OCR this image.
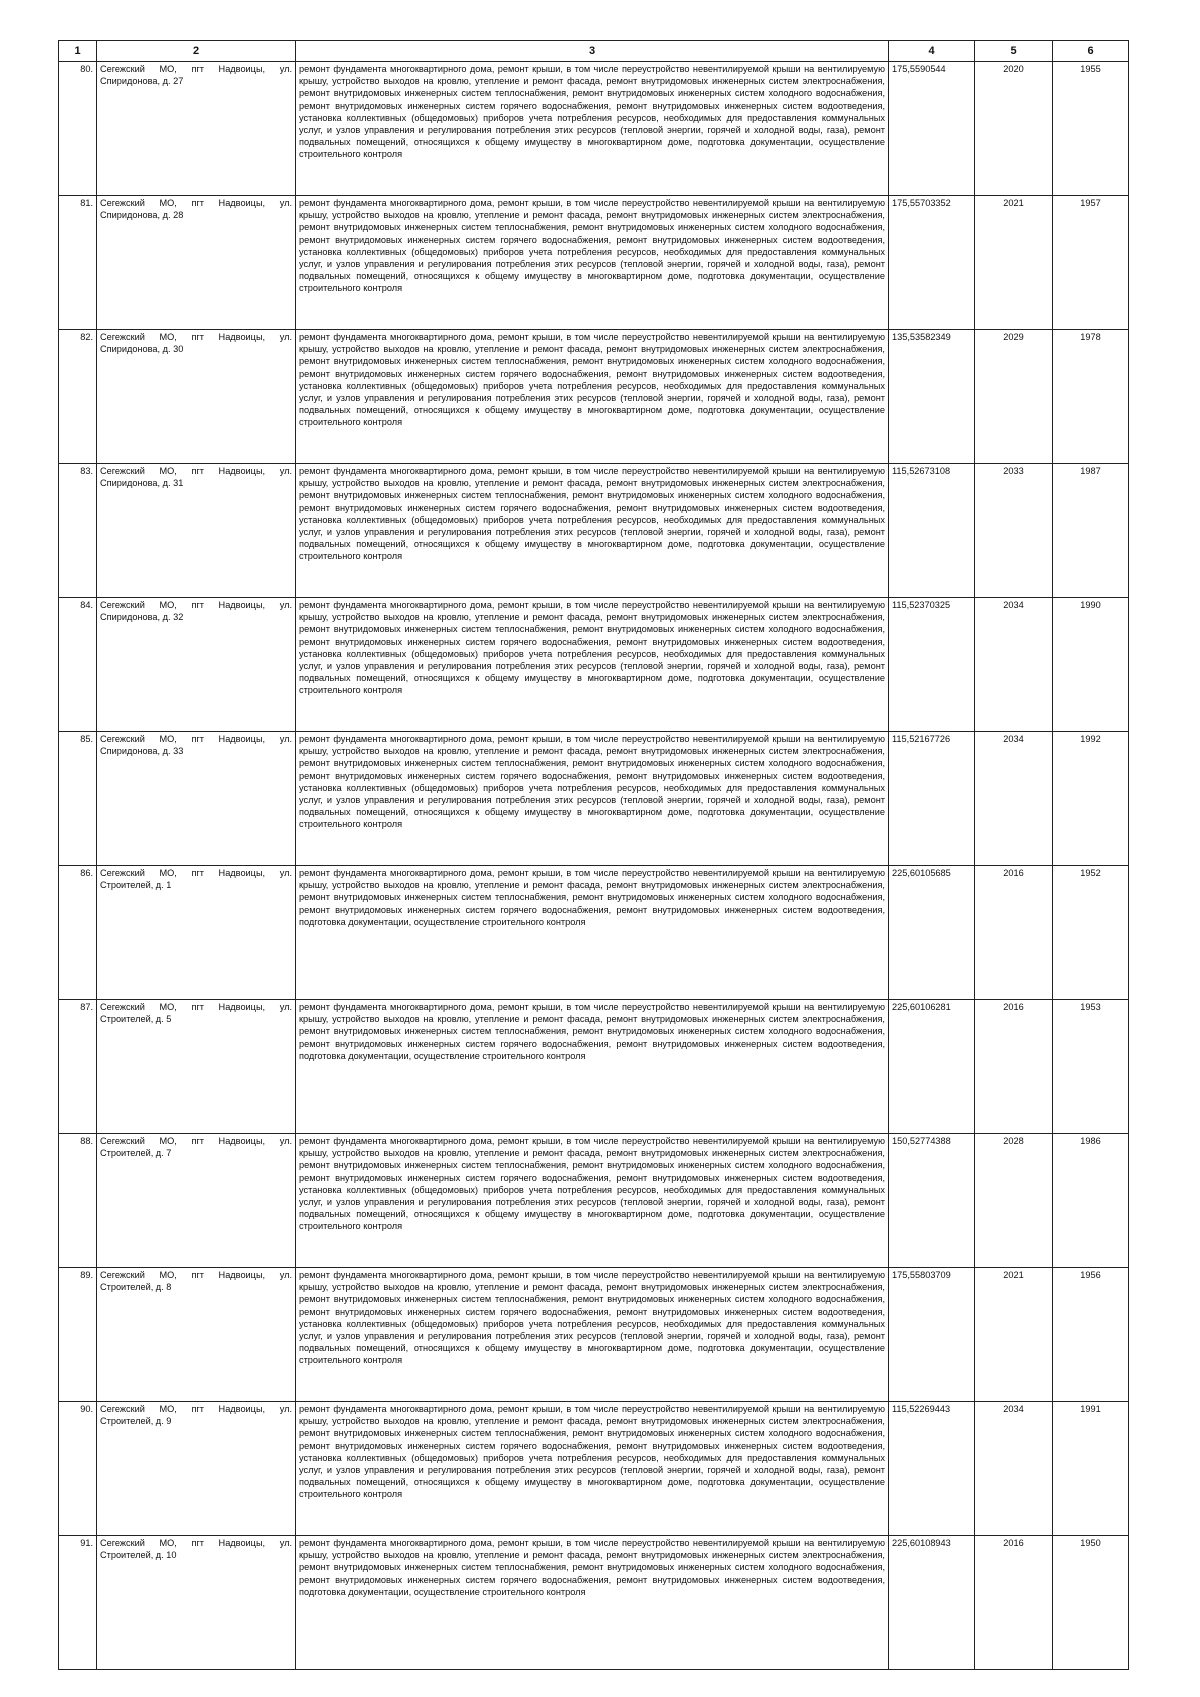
1	2	3	4	5	6
80.	Сегежский МО, пгт Надвоицы, ул. Спиридонова, д. 27	ремонт фундамента многоквартирного дома, ремонт крыши, в том числе переустройство невентилируемой крыши на вентилируемую крышу, устройство выходов на кровлю, утепление и ремонт фасада, ремонт внутридомовых инженерных систем электроснабжения, ремонт внутридомовых инженерных систем теплоснабжения, ремонт внутридомовых инженерных систем холодного водоснабжения, ремонт внутридомовых инженерных систем горячего водоснабжения, ремонт внутридомовых инженерных систем водоотведения, установка коллективных (общедомовых) приборов учета потребления ресурсов, необходимых для предоставления коммунальных услуг, и узлов управления и регулирования потребления этих ресурсов (тепловой энергии, горячей и холодной воды, газа), ремонт подвальных помещений, относящихся к общему имуществу в многоквартирном доме, подготовка документации, осуществление строительного контроля	175,5590544	2020	1955
81.	Сегежский МО, пгт Надвоицы, ул. Спиридонова, д. 28	ремонт фундамента многоквартирного дома, ремонт крыши, в том числе переустройство невентилируемой крыши на вентилируемую крышу, устройство выходов на кровлю, утепление и ремонт фасада, ремонт внутридомовых инженерных систем электроснабжения, ремонт внутридомовых инженерных систем теплоснабжения, ремонт внутридомовых инженерных систем холодного водоснабжения, ремонт внутридомовых инженерных систем горячего водоснабжения, ремонт внутридомовых инженерных систем водоотведения, установка коллективных (общедомовых) приборов учета потребления ресурсов, необходимых для предоставления коммунальных услуг, и узлов управления и регулирования потребления этих ресурсов (тепловой энергии, горячей и холодной воды, газа), ремонт подвальных помещений, относящихся к общему имуществу в многоквартирном доме, подготовка документации, осуществление строительного контроля	175,55703352	2021	1957
82.	Сегежский МО, пгт Надвоицы, ул. Спиридонова, д. 30	ремонт фундамента многоквартирного дома, ремонт крыши, в том числе переустройство невентилируемой крыши на вентилируемую крышу, устройство выходов на кровлю, утепление и ремонт фасада, ремонт внутридомовых инженерных систем электроснабжения, ремонт внутридомовых инженерных систем теплоснабжения, ремонт внутридомовых инженерных систем холодного водоснабжения, ремонт внутридомовых инженерных систем горячего водоснабжения, ремонт внутридомовых инженерных систем водоотведения, установка коллективных (общедомовых) приборов учета потребления ресурсов, необходимых для предоставления коммунальных услуг, и узлов управления и регулирования потребления этих ресурсов (тепловой энергии, горячей и холодной воды, газа), ремонт подвальных помещений, относящихся к общему имуществу в многоквартирном доме, подготовка документации, осуществление строительного контроля	135,53582349	2029	1978
83.	Сегежский МО, пгт Надвоицы, ул. Спиридонова, д. 31	ремонт фундамента многоквартирного дома, ремонт крыши, в том числе переустройство невентилируемой крыши на вентилируемую крышу, устройство выходов на кровлю, утепление и ремонт фасада, ремонт внутридомовых инженерных систем электроснабжения, ремонт внутридомовых инженерных систем теплоснабжения, ремонт внутридомовых инженерных систем холодного водоснабжения, ремонт внутридомовых инженерных систем горячего водоснабжения, ремонт внутридомовых инженерных систем водоотведения, установка коллективных (общедомовых) приборов учета потребления ресурсов, необходимых для предоставления коммунальных услуг, и узлов управления и регулирования потребления этих ресурсов (тепловой энергии, горячей и холодной воды, газа), ремонт подвальных помещений, относящихся к общему имуществу в многоквартирном доме, подготовка документации, осуществление строительного контроля	115,52673108	2033	1987
84.	Сегежский МО, пгт Надвоицы, ул. Спиридонова, д. 32	ремонт фундамента многоквартирного дома, ремонт крыши, в том числе переустройство невентилируемой крыши на вентилируемую крышу, устройство выходов на кровлю, утепление и ремонт фасада, ремонт внутридомовых инженерных систем электроснабжения, ремонт внутридомовых инженерных систем теплоснабжения, ремонт внутридомовых инженерных систем холодного водоснабжения, ремонт внутридомовых инженерных систем горячего водоснабжения, ремонт внутридомовых инженерных систем водоотведения, установка коллективных (общедомовых) приборов учета потребления ресурсов, необходимых для предоставления коммунальных услуг, и узлов управления и регулирования потребления этих ресурсов (тепловой энергии, горячей и холодной воды, газа), ремонт подвальных помещений, относящихся к общему имуществу в многоквартирном доме, подготовка документации, осуществление строительного контроля	115,52370325	2034	1990
85.	Сегежский МО, пгт Надвоицы, ул. Спиридонова, д. 33	ремонт фундамента многоквартирного дома, ремонт крыши, в том числе переустройство невентилируемой крыши на вентилируемую крышу, устройство выходов на кровлю, утепление и ремонт фасада, ремонт внутридомовых инженерных систем электроснабжения, ремонт внутридомовых инженерных систем теплоснабжения, ремонт внутридомовых инженерных систем холодного водоснабжения, ремонт внутридомовых инженерных систем горячего водоснабжения, ремонт внутридомовых инженерных систем водоотведения, установка коллективных (общедомовых) приборов учета потребления ресурсов, необходимых для предоставления коммунальных услуг, и узлов управления и регулирования потребления этих ресурсов (тепловой энергии, горячей и холодной воды, газа), ремонт подвальных помещений, относящихся к общему имуществу в многоквартирном доме, подготовка документации, осуществление строительного контроля	115,52167726	2034	1992
86.	Сегежский МО, пгт Надвоицы, ул. Строителей, д. 1	ремонт фундамента многоквартирного дома, ремонт крыши, в том числе переустройство невентилируемой крыши на вентилируемую крышу, устройство выходов на кровлю, утепление и ремонт фасада, ремонт внутридомовых инженерных систем электроснабжения, ремонт внутридомовых инженерных систем теплоснабжения, ремонт внутридомовых инженерных систем холодного водоснабжения, ремонт внутридомовых инженерных систем горячего водоснабжения, ремонт внутридомовых инженерных систем водоотведения, подготовка документации, осуществление строительного контроля	225,60105685	2016	1952
87.	Сегежский МО, пгт Надвоицы, ул. Строителей, д. 5	ремонт фундамента многоквартирного дома, ремонт крыши, в том числе переустройство невентилируемой крыши на вентилируемую крышу, устройство выходов на кровлю, утепление и ремонт фасада, ремонт внутридомовых инженерных систем электроснабжения, ремонт внутридомовых инженерных систем теплоснабжения, ремонт внутридомовых инженерных систем холодного водоснабжения, ремонт внутридомовых инженерных систем горячего водоснабжения, ремонт внутридомовых инженерных систем водоотведения, подготовка документации, осуществление строительного контроля	225,60106281	2016	1953
88.	Сегежский МО, пгт Надвоицы, ул. Строителей, д. 7	ремонт фундамента многоквартирного дома, ремонт крыши, в том числе переустройство невентилируемой крыши на вентилируемую крышу, устройство выходов на кровлю, утепление и ремонт фасада, ремонт внутридомовых инженерных систем электроснабжения, ремонт внутридомовых инженерных систем теплоснабжения, ремонт внутридомовых инженерных систем холодного водоснабжения, ремонт внутридомовых инженерных систем горячего водоснабжения, ремонт внутридомовых инженерных систем водоотведения, установка коллективных (общедомовых) приборов учета потребления ресурсов, необходимых для предоставления коммунальных услуг, и узлов управления и регулирования потребления этих ресурсов (тепловой энергии, горячей и холодной воды, газа), ремонт подвальных помещений, относящихся к общему имуществу в многоквартирном доме, подготовка документации, осуществление строительного контроля	150,52774388	2028	1986
89.	Сегежский МО, пгт Надвоицы, ул. Строителей, д. 8	ремонт фундамента многоквартирного дома, ремонт крыши, в том числе переустройство невентилируемой крыши на вентилируемую крышу, устройство выходов на кровлю, утепление и ремонт фасада, ремонт внутридомовых инженерных систем электроснабжения, ремонт внутридомовых инженерных систем теплоснабжения, ремонт внутридомовых инженерных систем холодного водоснабжения, ремонт внутридомовых инженерных систем горячего водоснабжения, ремонт внутридомовых инженерных систем водоотведения, установка коллективных (общедомовых) приборов учета потребления ресурсов, необходимых для предоставления коммунальных услуг, и узлов управления и регулирования потребления этих ресурсов (тепловой энергии, горячей и холодной воды, газа), ремонт подвальных помещений, относящихся к общему имуществу в многоквартирном доме, подготовка документации, осуществление строительного контроля	175,55803709	2021	1956
90.	Сегежский МО, пгт Надвоицы, ул. Строителей, д. 9	ремонт фундамента многоквартирного дома, ремонт крыши, в том числе переустройство невентилируемой крыши на вентилируемую крышу, устройство выходов на кровлю, утепление и ремонт фасада, ремонт внутридомовых инженерных систем электроснабжения, ремонт внутридомовых инженерных систем теплоснабжения, ремонт внутридомовых инженерных систем холодного водоснабжения, ремонт внутридомовых инженерных систем горячего водоснабжения, ремонт внутридомовых инженерных систем водоотведения, установка коллективных (общедомовых) приборов учета потребления ресурсов, необходимых для предоставления коммунальных услуг, и узлов управления и регулирования потребления этих ресурсов (тепловой энергии, горячей и холодной воды, газа), ремонт подвальных помещений, относящихся к общему имуществу в многоквартирном доме, подготовка документации, осуществление строительного контроля	115,52269443	2034	1991
91.	Сегежский МО, пгт Надвоицы, ул. Строителей, д. 10	ремонт фундамента многоквартирного дома, ремонт крыши, в том числе переустройство невентилируемой крыши на вентилируемую крышу, устройство выходов на кровлю, утепление и ремонт фасада, ремонт внутридомовых инженерных систем электроснабжения, ремонт внутридомовых инженерных систем теплоснабжения, ремонт внутридомовых инженерных систем холодного водоснабжения, ремонт внутридомовых инженерных систем горячего водоснабжения, ремонт внутридомовых инженерных систем водоотведения, подготовка документации, осуществление строительного контроля	225,60108943	2016	1950
